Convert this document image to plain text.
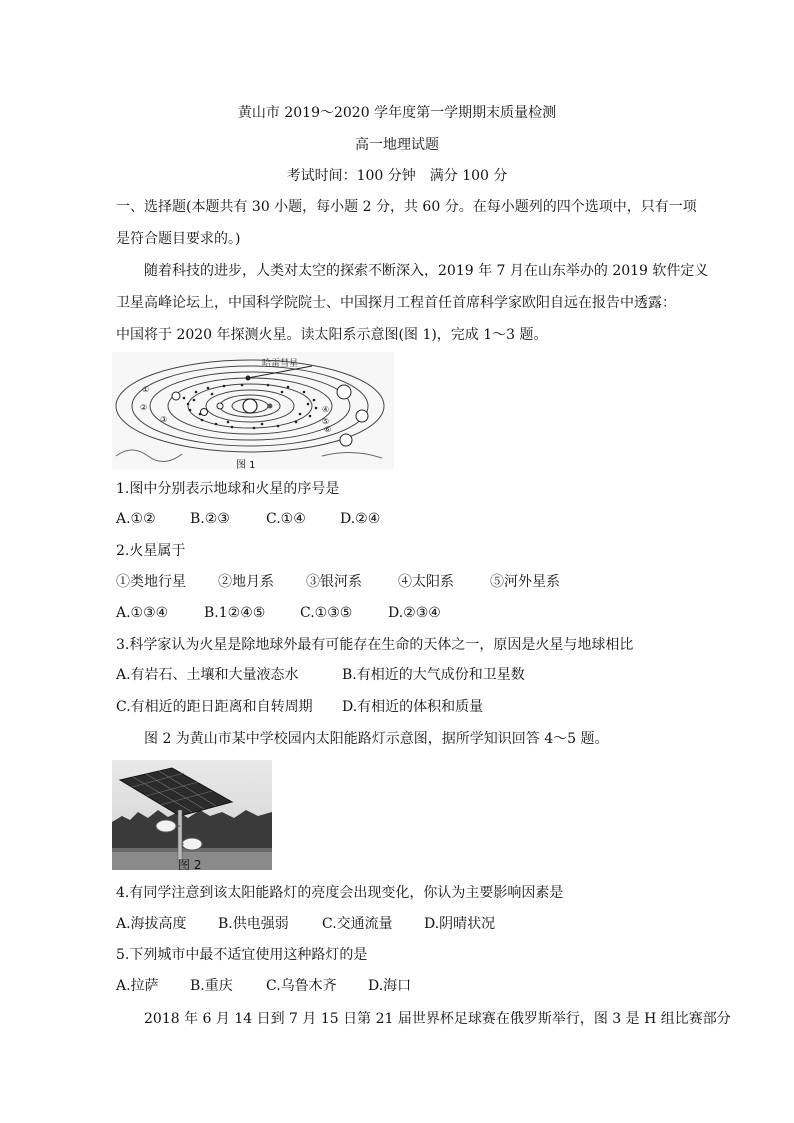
黄山市 2019～2020 学年度第一学期期末质量检测
高一地理试题
考试时间：100 分钟　满分 100 分
一、选择题(本题共有 30 小题，每小题 2 分，共 60 分。在每小题列的四个选项中，只有一项
是符合题目要求的。)
随着科技的进步，人类对太空的探索不断深入，2019 年 7 月在山东举办的 2019 软件定义
卫星高峰论坛上，中国科学院院士、中国探月工程首任首席科学家欧阳自远在报告中透露：
中国将于 2020 年探测火星。读太阳系示意图(图 1)，完成 1～3 题。
哈雷彗星
①
②
③
④
⑤
⑥
图 1
1.图中分别表示地球和火星的序号是
A.①② B.②③	C.①④ D.②④
2.火星属于
①类地行星 ②地月系 ③银河系	④太阳系	⑤河外星系
A.①③④	B.1②④⑤ C.①③⑤	D.②③④
3.科学家认为火星是除地球外最有可能存在生命的天体之一，原因是火星与地球相比
A.有岩石、土壤和大量液态水	B.有相近的大气成份和卫星数
C.有相近的距日距离和自转周期 D.有相近的体积和质量
图 2 为黄山市某中学校园内太阳能路灯示意图，据所学知识回答 4～5 题。
图 2
4.有同学注意到该太阳能路灯的亮度会出现变化，你认为主要影响因素是
A.海拔高度 B.供电强弱 C.交通流量 D.阴晴状况
5.下列城市中最不适宜使用这种路灯的是
A.拉萨 B.重庆 C.乌鲁木齐 D.海口
2018 年 6 月 14 日到 7 月 15 日第 21 届世界杯足球赛在俄罗斯举行，图 3 是 H 组比赛部分
